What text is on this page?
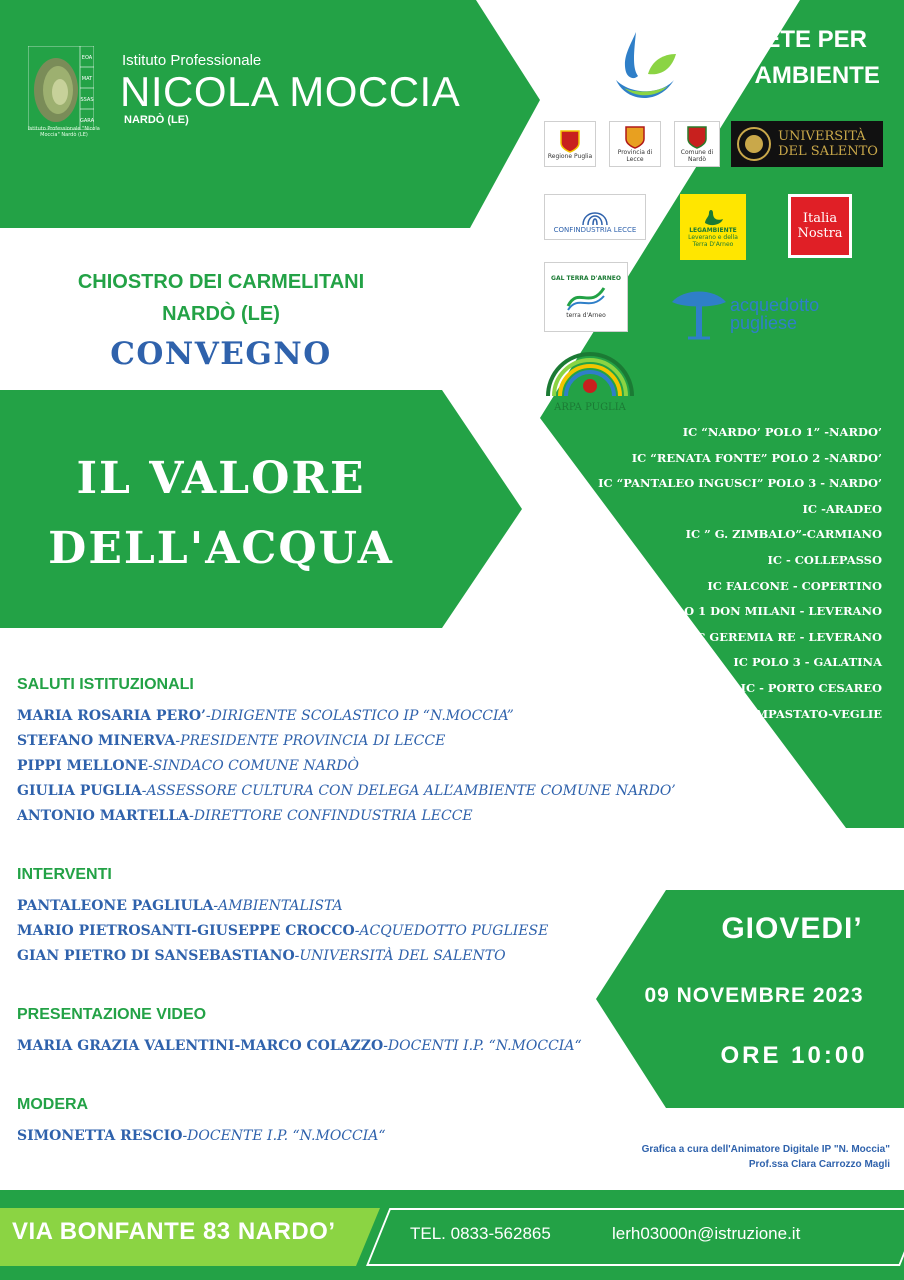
EOA
MAT
SSAS
GARA
Istituto Professionale "Nicola Moccia" Nardò (LE)
Istituto Professionale
NICOLA MOCCIA
NARDÒ (LE)
RETE PER
L'AMBIENTE
Regione Puglia	Provincia di Lecce
Comune di Nardò
UNIVERSITÀ
DEL SALENTO
CONFINDUSTRIA LECCE	LEGAMBIENTE
Leverano e della Terra D'Arneo
Italia
Nostra
GAL TERRA D'ARNEO
terra d'Arneo
acquedotto
pugliese
ARPA PUGLIA
CHIOSTRO DEI CARMELITANI
NARDÒ (LE)
CONVEGNO
IL VALORE
DELL'ACQUA
IC “NARDO’ POLO 1” -NARDO’
IC “RENATA FONTE” POLO 2 -NARDO’
IC “PANTALEO INGUSCI” POLO 3 - NARDO’
IC -ARADEO
IC ” G. ZIMBALO”-CARMIANO
IC - COLLEPASSO
IC FALCONE - COPERTINO
IC POLO 1 DON MILANI - LEVERANO
IC GEREMIA RE - LEVERANO
IC POLO 3 - GALATINA
IC - PORTO CESAREO
IC P. IMPASTATO-VEGLIE
SALUTI ISTITUZIONALI
MARIA ROSARIA PERO’-DIRIGENTE SCOLASTICO IP “N.MOCCIA”
STEFANO MINERVA-PRESIDENTE PROVINCIA DI LECCE
PIPPI MELLONE-SINDACO COMUNE NARDÒ
GIULIA PUGLIA-ASSESSORE CULTURA CON DELEGA ALL’AMBIENTE COMUNE NARDO’
ANTONIO MARTELLA-DIRETTORE CONFINDUSTRIA LECCE
INTERVENTI
PANTALEONE PAGLIULA-AMBIENTALISTA
MARIO PIETROSANTI-GIUSEPPE CROCCO-ACQUEDOTTO PUGLIESE
GIAN PIETRO DI SANSEBASTIANO-UNIVERSITÀ DEL SALENTO
PRESENTAZIONE VIDEO
MARIA GRAZIA VALENTINI-MARCO COLAZZO-DOCENTI I.P. “N.MOCCIA“
MODERA
SIMONETTA RESCIO-DOCENTE I.P. “N.MOCCIA“
GIOVEDI’
09 NOVEMBRE 2023
ORE 10:00
Grafica a cura dell'Animatore Digitale IP "N. Moccia"
Prof.ssa Clara Carrozzo Magli
VIA BONFANTE 83 NARDO’	TEL. 0833-562865	lerh03000n@istruzione.it
